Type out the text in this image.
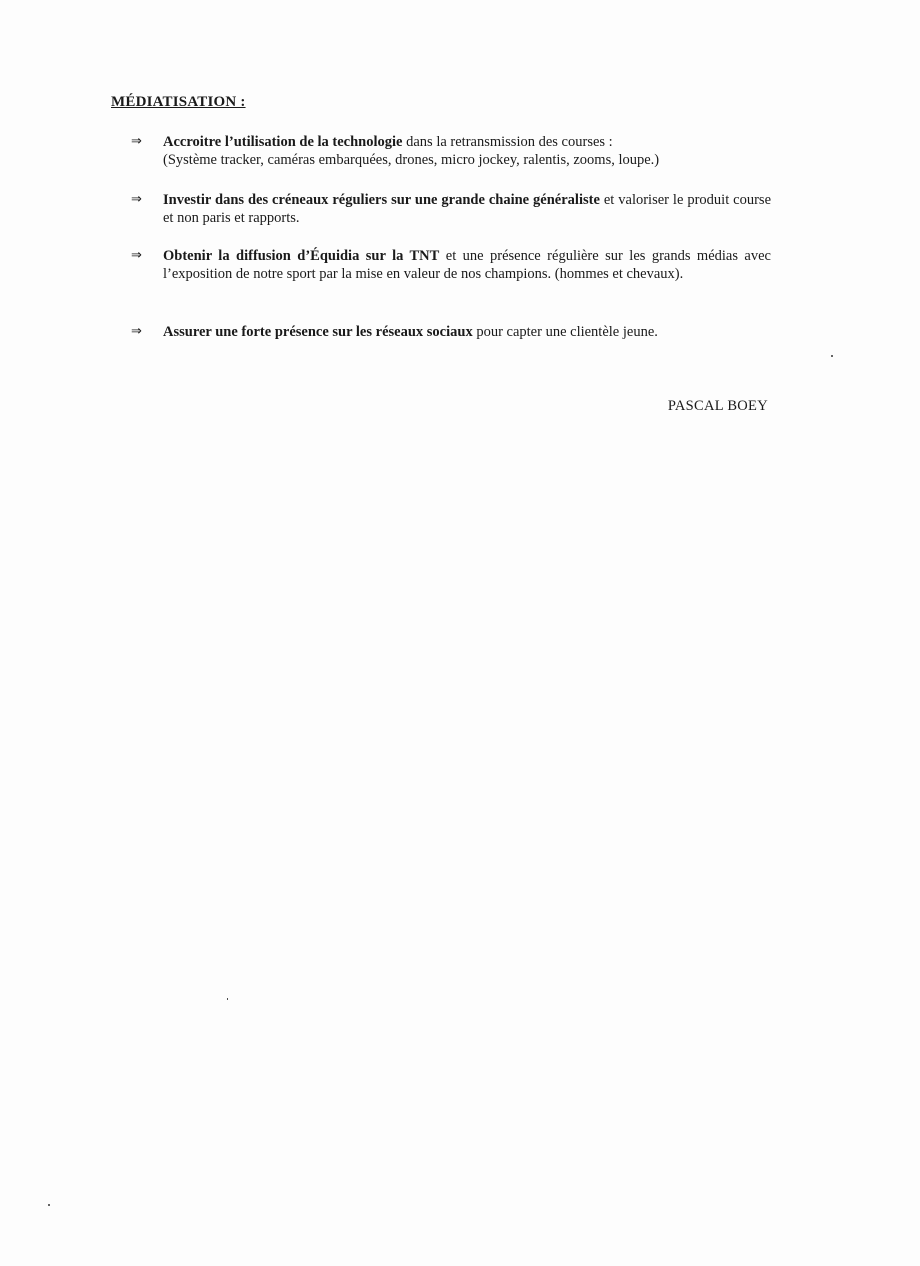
MÉDIATISATION :
⇒	Accroitre l’utilisation de la technologie dans la retransmission des courses :
(Système tracker, caméras embarquées, drones, micro jockey, ralentis, zooms, loupe.)
⇒	Investir dans des créneaux réguliers sur une grande chaine généraliste et valoriser le produit course et non paris et rapports.
⇒	Obtenir la diffusion d’Équidia sur la TNT et une présence régulière sur les grands médias avec l’exposition de notre sport par la mise en valeur de nos champions. (hommes et chevaux).
⇒	Assurer une forte présence sur les réseaux sociaux pour capter une clientèle jeune.
PASCAL BOEY
